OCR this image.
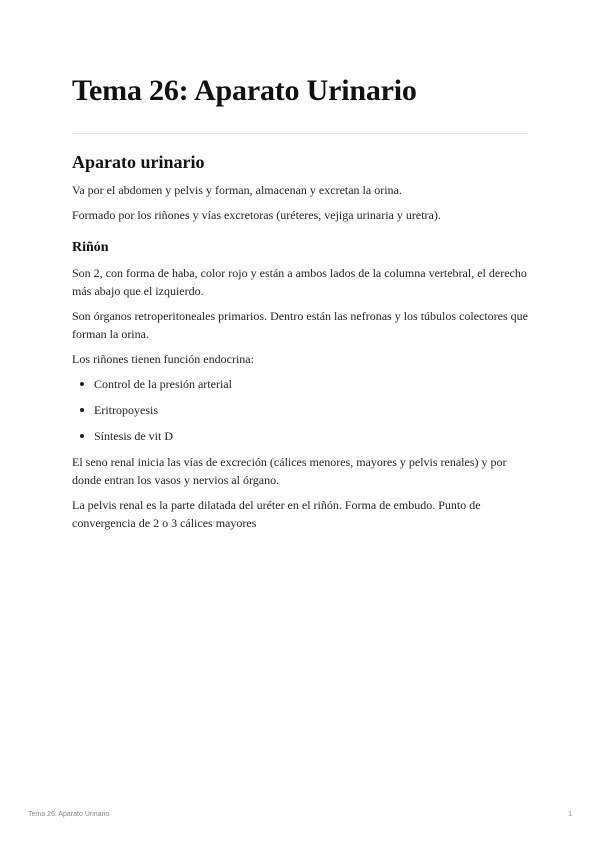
Tema 26: Aparato Urinario
Aparato urinario

Va por el abdomen y pelvis y forman, almacenan y excretan la orina.

Formado por los riñones y vías excretoras (uréteres, vejiga urinaria y uretra).

Riñón

Son 2, con forma de haba, color rojo y están a ambos lados de la columna vertebral, el derecho más abajo que el izquierdo.

Son órganos retroperitoneales primarios. Dentro están las nefronas y los túbulos colectores que forman la orina.

Los riñones tienen función endocrina:

Control de la presión arterial
Eritropoyesis
Síntesis de vit D

El seno renal inicia las vías de excreción (cálices menores, mayores y pelvis renales) y por donde entran los vasos y nervios al órgano.

La pelvis renal es la parte dilatada del uréter en el riñón. Forma de embudo. Punto de convergencia de 2 o 3 cálices mayores

Tema 26: Aparato Urinario	1
